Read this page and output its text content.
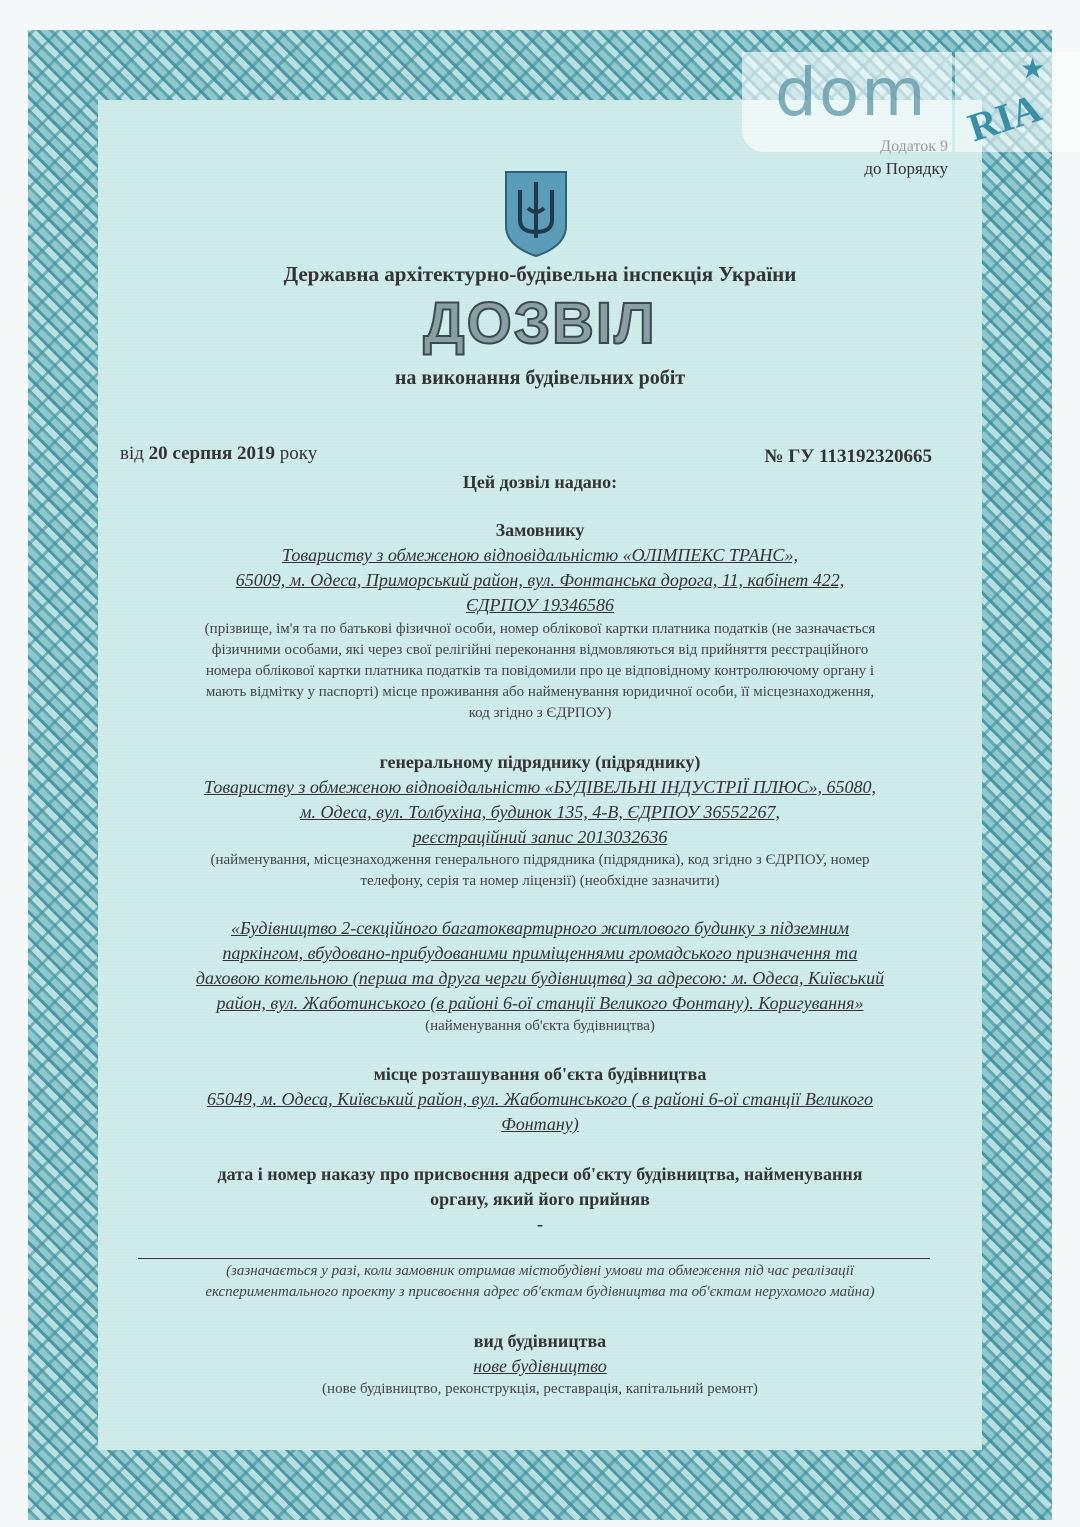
dom	★
RIA
Додаток 9
до Порядку
Державна архітектурно-будівельна інспекція України
ДОЗВІЛ
на виконання будівельних робіт
від 20 серпня 2019 року	№ ГУ 113192320665
Цей дозвіл надано:
Замовнику
Товариству з обмеженою відповідальністю «ОЛІМПЕКС ТРАНС»,
65009, м. Одеса, Приморський район, вул. Фонтанська дорога, 11, кабінет 422,
ЄДРПОУ 19346586
(прізвище, ім'я та по батькові фізичної особи, номер облікової картки платника податків (не зазначається
фізичними особами, які через свої релігійні переконання відмовляються від прийняття реєстраційного
номера облікової картки платника податків та повідомили про це відповідному контролюючому органу і
мають відмітку у паспорті) місце проживання або найменування юридичної особи, її місцезнаходження,
код згідно з ЄДРПОУ)
генеральному підряднику (підряднику)
Товариству з обмеженою відповідальністю «БУДІВЕЛЬНІ ІНДУСТРІЇ ПЛЮС», 65080,
м. Одеса, вул. Толбухіна, будинок 135, 4-В, ЄДРПОУ 36552267,
реєстраційний запис 2013032636
(найменування, місцезнаходження генерального підрядника (підрядника), код згідно з ЄДРПОУ, номер
телефону, серія та номер ліцензії) (необхідне зазначити)
«Будівництво 2-секційного багатоквартирного житлового будинку з підземним
паркінгом, вбудовано-прибудованими приміщеннями громадського призначення та
даховою котельною (перша та друга черги будівництва) за адресою: м. Одеса, Київський
район, вул. Жаботинського (в районі 6-ої станції Великого Фонтану). Коригування»
(найменування об'єкта будівництва)
місце розташування об'єкта будівництва
65049, м. Одеса, Київський район, вул. Жаботинського ( в районі 6-ої станції Великого
Фонтану)
дата і номер наказу про присвоєння адреси об'єкту будівництва, найменування
органу, який його прийняв
-
(зазначається у разі, коли замовник отримав містобудівні умови та обмеження під час реалізації
експериментального проекту з присвоєння адрес об'єктам будівництва та об'єктам нерухомого майна)
вид будівництва
нове будівництво
(нове будівництво, реконструкція, реставрація, капітальний ремонт)
